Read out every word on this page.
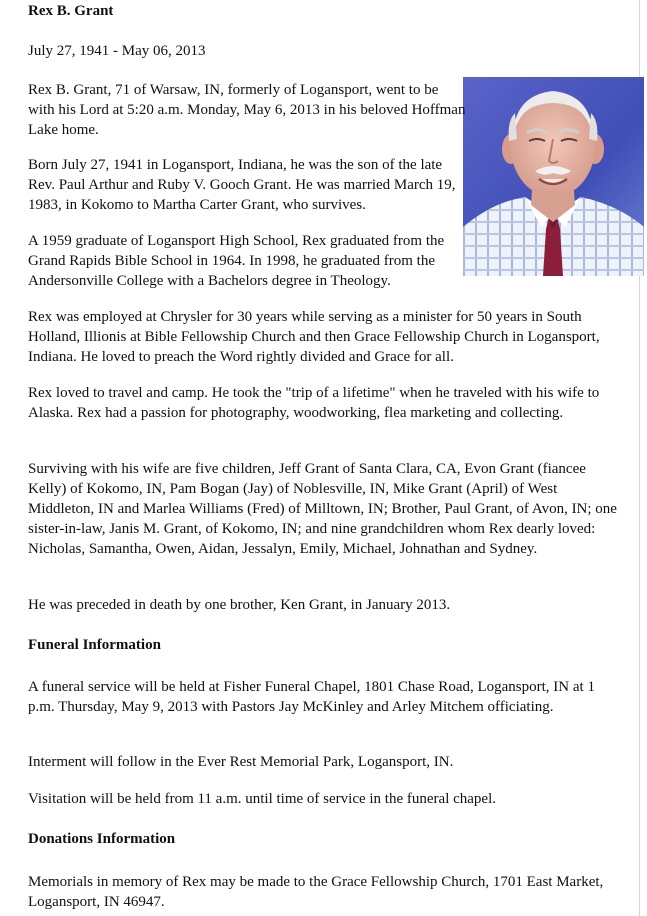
Rex B. Grant

July 27, 1941 - May 06, 2013

Rex B. Grant, 71 of Warsaw, IN, formerly of Logansport, went to be with his Lord at 5:20 a.m. Monday, May 6, 2013 in his beloved Hoffman Lake home.

Born July 27, 1941 in Logansport, Indiana, he was the son of the late Rev. Paul Arthur and Ruby V. Gooch Grant. He was married March 19, 1983, in Kokomo to Martha Carter Grant, who survives.

A 1959 graduate of Logansport High School, Rex graduated from the Grand Rapids Bible School in 1964. In 1998, he graduated from the Andersonville College with a Bachelors degree in Theology.

Rex was employed at Chrysler for 30 years while serving as a minister for 50 years in South Holland, Illionis at Bible Fellowship Church and then Grace Fellowship Church in Logansport, Indiana. He loved to preach the Word rightly divided and Grace for all.

Rex loved to travel and camp. He took the "trip of a lifetime" when he traveled with his wife to Alaska. Rex had a passion for photography, woodworking, flea marketing and collecting.

Surviving with his wife are five children, Jeff Grant of Santa Clara, CA, Evon Grant (fiancee Kelly) of Kokomo, IN, Pam Bogan (Jay) of Noblesville, IN, Mike Grant (April) of West Middleton, IN and Marlea Williams (Fred) of Milltown, IN; Brother, Paul Grant, of Avon, IN; one sister-in-law, Janis M. Grant, of Kokomo, IN; and nine grandchildren whom Rex dearly loved: Nicholas, Samantha, Owen, Aidan, Jessalyn, Emily, Michael, Johnathan and Sydney.

He was preceded in death by one brother, Ken Grant, in January 2013.

Funeral Information

A funeral service will be held at Fisher Funeral Chapel, 1801 Chase Road, Logansport, IN at 1 p.m. Thursday, May 9, 2013 with Pastors Jay McKinley and Arley Mitchem officiating.

Interment will follow in the Ever Rest Memorial Park, Logansport, IN.

Visitation will be held from 11 a.m. until time of service in the funeral chapel.

Donations Information

Memorials in memory of Rex may be made to the Grace Fellowship Church, 1701 East Market, Logansport, IN 46947.
